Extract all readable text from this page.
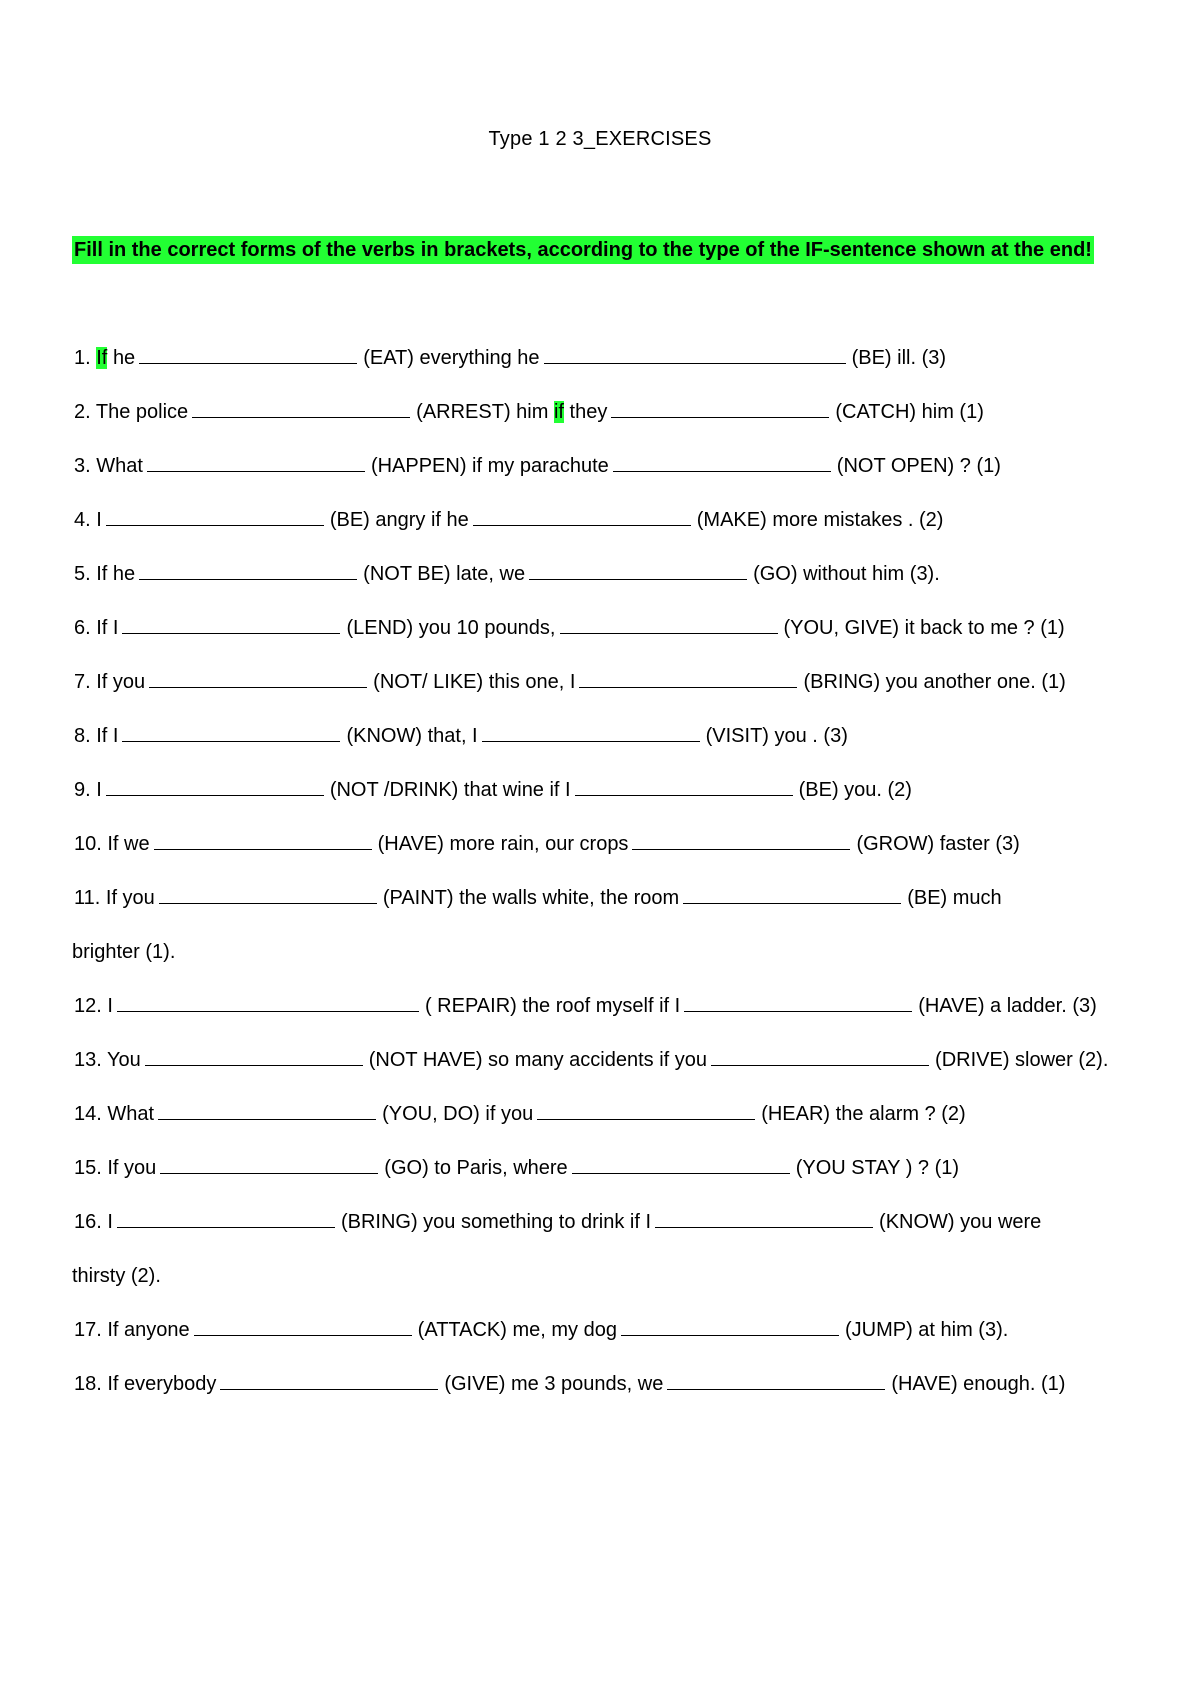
Type 1 2 3_EXERCISES
Fill in the correct forms of the verbs in brackets, according to the type of the IF-sentence shown at the end!
1. If he	(EAT) everything he	(BE) ill. (3)
2. The police	(ARREST) him if they	(CATCH) him (1)
3. What	(HAPPEN) if my parachute	(NOT OPEN) ? (1)
4. I	(BE) angry if he	(MAKE) more mistakes . (2)
5. If he	(NOT BE) late, we	(GO) without him (3).
6. If I	(LEND) you 10 pounds,	(YOU, GIVE) it back to me ? (1)
7. If you	(NOT/ LIKE) this one, I	(BRING) you another one. (1)
8. If I	(KNOW) that, I	(VISIT) you . (3)
9. I	(NOT /DRINK) that wine if I	(BE) you. (2)
10. If we	(HAVE) more rain, our crops	(GROW) faster (3)
11. If you	(PAINT) the walls white, the room	(BE) much
brighter (1).
12. I	( REPAIR) the roof myself if I	(HAVE) a ladder. (3)
13. You	(NOT HAVE) so many accidents if you	(DRIVE) slower (2).
14. What	(YOU, DO) if you	(HEAR) the alarm ? (2)
15. If you	(GO) to Paris, where	(YOU STAY ) ? (1)
16. I	(BRING) you something to drink if I	(KNOW) you were
thirsty (2).
17. If anyone	(ATTACK) me, my dog	(JUMP) at him (3).
18. If everybody	(GIVE) me 3 pounds, we	(HAVE) enough. (1)
